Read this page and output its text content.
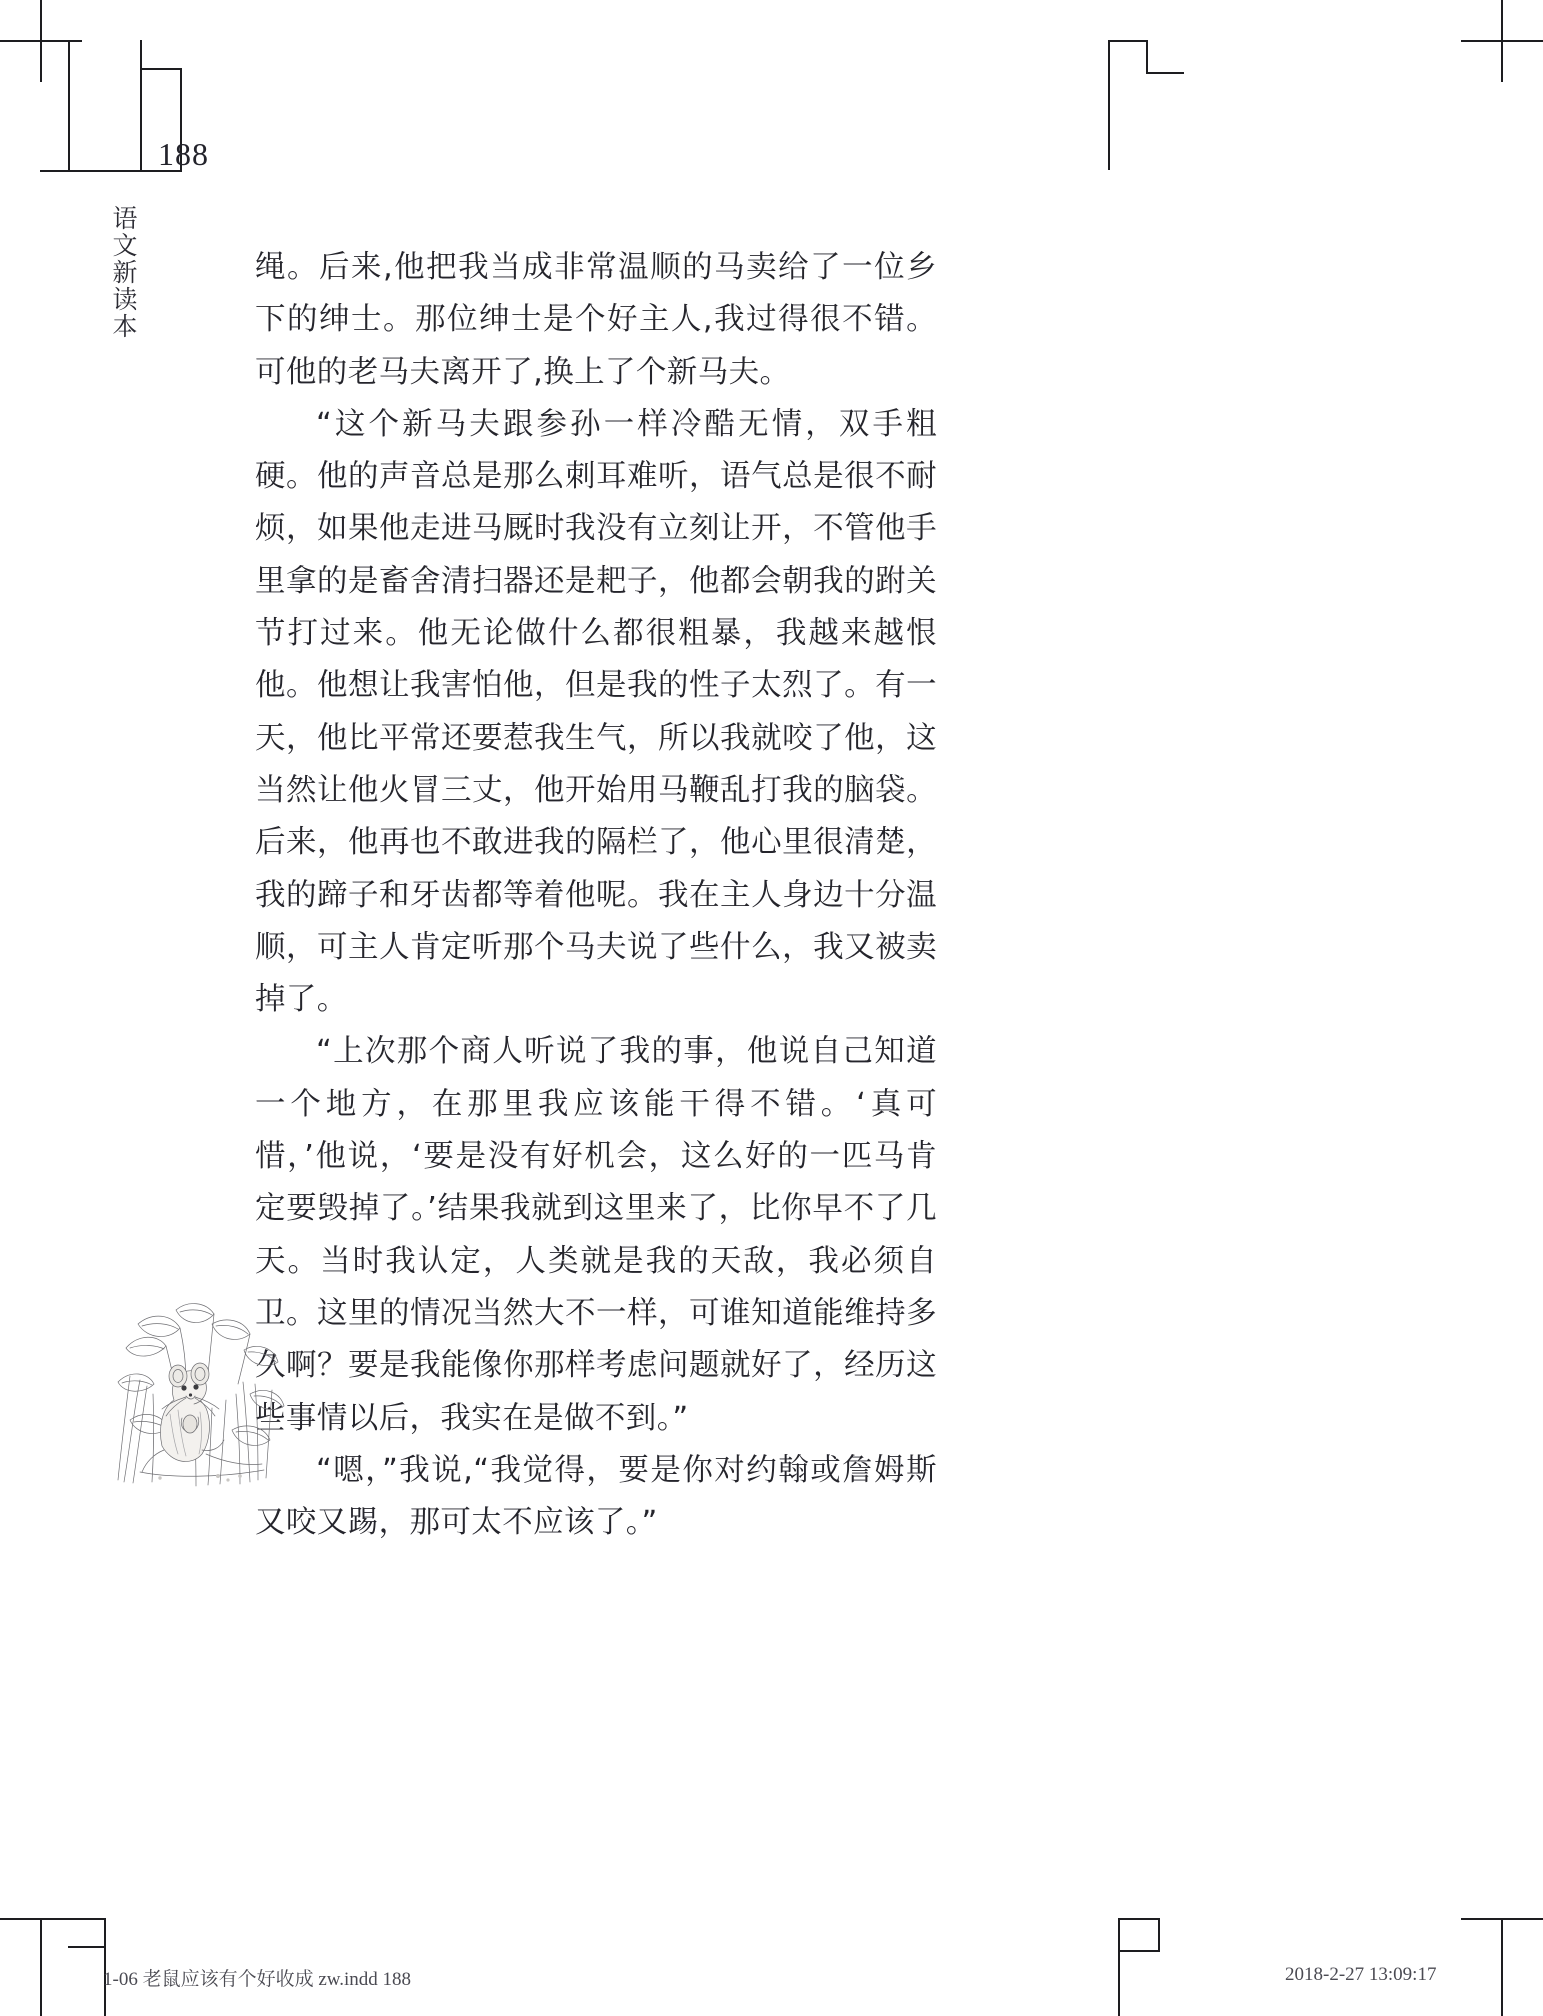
188
语文新读本	绳。后来,他把我当成非常温顺的马卖给了一位乡下的绅士。那位绅士是个好主人,我过得很不错。可他的老马夫离开了,换上了个新马夫。

“这个新马夫跟参孙一样冷酷无情，双手粗硬。他的声音总是那么刺耳难听，语气总是很不耐烦，如果他走进马厩时我没有立刻让开，不管他手里拿的是畜舍清扫器还是耙子，他都会朝我的跗关节打过来。他无论做什么都很粗暴，我越来越恨他。他想让我害怕他，但是我的性子太烈了。有一天，他比平常还要惹我生气，所以我就咬了他，这当然让他火冒三丈，他开始用马鞭乱打我的脑袋。后来，他再也不敢进我的隔栏了，他心里很清楚，我的蹄子和牙齿都等着他呢。我在主人身边十分温顺，可主人肯定听那个马夫说了些什么，我又被卖掉了。

“上次那个商人听说了我的事，他说自己知道一个地方，在那里我应该能干得不错。‘真可惜，’他说，‘要是没有好机会，这么好的一匹马肯定要毁掉了。’结果我就到这里来了，比你早不了几天。当时我认定，人类就是我的天敌，我必须自卫。这里的情况当然大不一样，可谁知道能维持多久啊？要是我能像你那样考虑问题就好了，经历这些事情以后，我实在是做不到。”

“嗯，”我说,“我觉得，要是你对约翰或詹姆斯又咬又踢，那可太不应该了。”

1-06 老鼠应该有个好收成 zw.indd 188	2018-2-27 13:09:17
